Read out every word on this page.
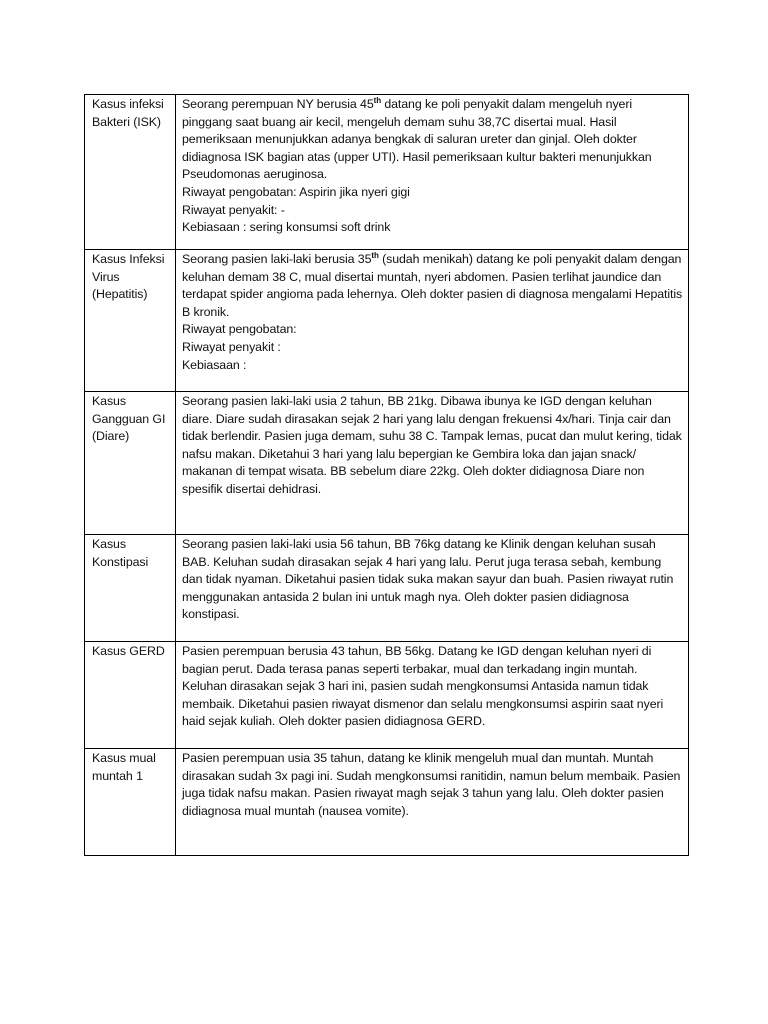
Kasus infeksi Bakteri (ISK)	Seorang perempuan NY berusia 45th datang ke poli penyakit dalam mengeluh nyeri pinggang saat buang air kecil, mengeluh demam suhu 38,7C disertai mual. Hasil pemeriksaan menunjukkan adanya bengkak di saluran ureter dan ginjal. Oleh dokter didiagnosa ISK bagian atas (upper UTI). Hasil pemeriksaan kultur bakteri menunjukkan Pseudomonas aeruginosa.
Riwayat pengobatan: Aspirin jika nyeri gigi
Riwayat penyakit: -
Kebiasaan : sering konsumsi soft drink

Kasus Infeksi Virus (Hepatitis)	Seorang pasien laki-laki berusia 35th (sudah menikah) datang ke poli penyakit dalam dengan keluhan demam 38 C, mual disertai muntah, nyeri abdomen. Pasien terlihat jaundice dan terdapat spider angioma pada lehernya. Oleh dokter pasien di diagnosa mengalami Hepatitis B kronik.
Riwayat pengobatan:
Riwayat penyakit :
Kebiasaan :

Kasus Gangguan GI (Diare)	Seorang pasien laki-laki usia 2 tahun, BB 21kg. Dibawa ibunya ke IGD dengan keluhan diare. Diare sudah dirasakan sejak 2 hari yang lalu dengan frekuensi 4x/hari. Tinja cair dan tidak berlendir. Pasien juga demam, suhu 38 C. Tampak lemas, pucat dan mulut kering, tidak nafsu makan. Diketahui 3 hari yang lalu bepergian ke Gembira loka dan jajan snack/ makanan di tempat wisata. BB sebelum diare 22kg. Oleh dokter didiagnosa Diare non spesifik disertai dehidrasi.
Kasus Konstipasi	Seorang pasien laki-laki usia 56 tahun, BB 76kg datang ke Klinik dengan keluhan susah BAB. Keluhan sudah dirasakan sejak 4 hari yang lalu. Perut juga terasa sebah, kembung dan tidak nyaman. Diketahui pasien tidak suka makan sayur dan buah. Pasien riwayat rutin menggunakan antasida 2 bulan ini untuk magh nya. Oleh dokter pasien didiagnosa konstipasi.
Kasus GERD	Pasien perempuan berusia 43 tahun, BB 56kg. Datang ke IGD dengan keluhan nyeri di bagian perut. Dada terasa panas seperti terbakar, mual dan terkadang ingin muntah. Keluhan dirasakan sejak 3 hari ini, pasien sudah mengkonsumsi Antasida namun tidak membaik. Diketahui pasien riwayat dismenor dan selalu mengkonsumsi aspirin saat nyeri haid sejak kuliah. Oleh dokter pasien didiagnosa GERD.
Kasus mual muntah 1	Pasien perempuan usia 35 tahun, datang ke klinik mengeluh mual dan muntah. Muntah dirasakan sudah 3x pagi ini. Sudah mengkonsumsi ranitidin, namun belum membaik. Pasien juga tidak nafsu makan. Pasien riwayat magh sejak 3 tahun yang lalu. Oleh dokter pasien didiagnosa mual muntah (nausea vomite).
